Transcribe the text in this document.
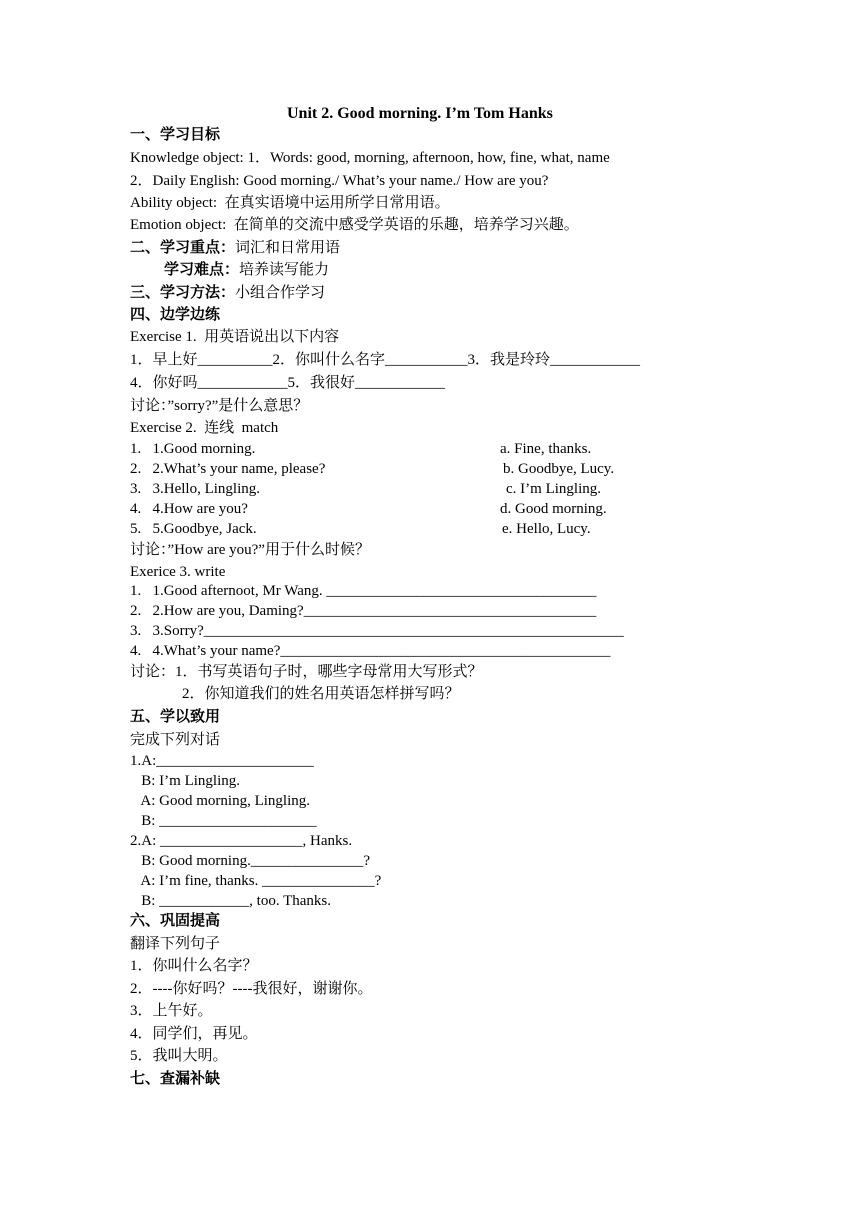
Unit 2. Good morning. I’m Tom Hanks
一、学习目标
Knowledge object: 1．Words: good, morning, afternoon, how, fine, what, name
2．Daily English: Good morning./ What’s your name./ How are you?
Ability object:  在真实语境中运用所学日常用语。
Emotion object:  在简单的交流中感受学英语的乐趣，培养学习兴趣。
二、学习重点：词汇和日常用语
学习难点：培养读写能力
三、学习方法：小组合作学习
四、边学边练
Exercise 1.  用英语说出以下内容
1．早上好__________2．你叫什么名字___________3．我是玲玲____________
4．你好吗____________5．我很好____________
讨论：”sorry?”是什么意思？
Exercise 2.  连线  match
1.   1.Good morning.
2.   2.What’s your name, please?
3.   3.Hello, Lingling.
4.   4.How are you?
5.   5.Goodbye, Jack.
a. Fine, thanks.
b. Goodbye, Lucy.
c. I’m Lingling.
d. Good morning.
e. Hello, Lucy.
讨论：”How are you?”用于什么时候？
Exerice 3. write
1.   1.Good afternoot, Mr Wang. ____________________________________
2.   2.How are you, Daming?_______________________________________
3.   3.Sorry?________________________________________________________
4.   4.What’s your name?____________________________________________
讨论：1．书写英语句子时，哪些字母常用大写形式？
2．你知道我们的姓名用英语怎样拼写吗？
五、学以致用
完成下列对话
1.A:_____________________
B: I’m Lingling.
A: Good morning, Lingling.
B: _____________________
2.A: ___________________, Hanks.
B: Good morning._______________?
A: I’m fine, thanks. _______________?
B: ____________, too. Thanks.
六、巩固提高
翻译下列句子
1．你叫什么名字？
2．----你好吗？----我很好，谢谢你。
3．上午好。
4．同学们，再见。
5．我叫大明。
七、查漏补缺
